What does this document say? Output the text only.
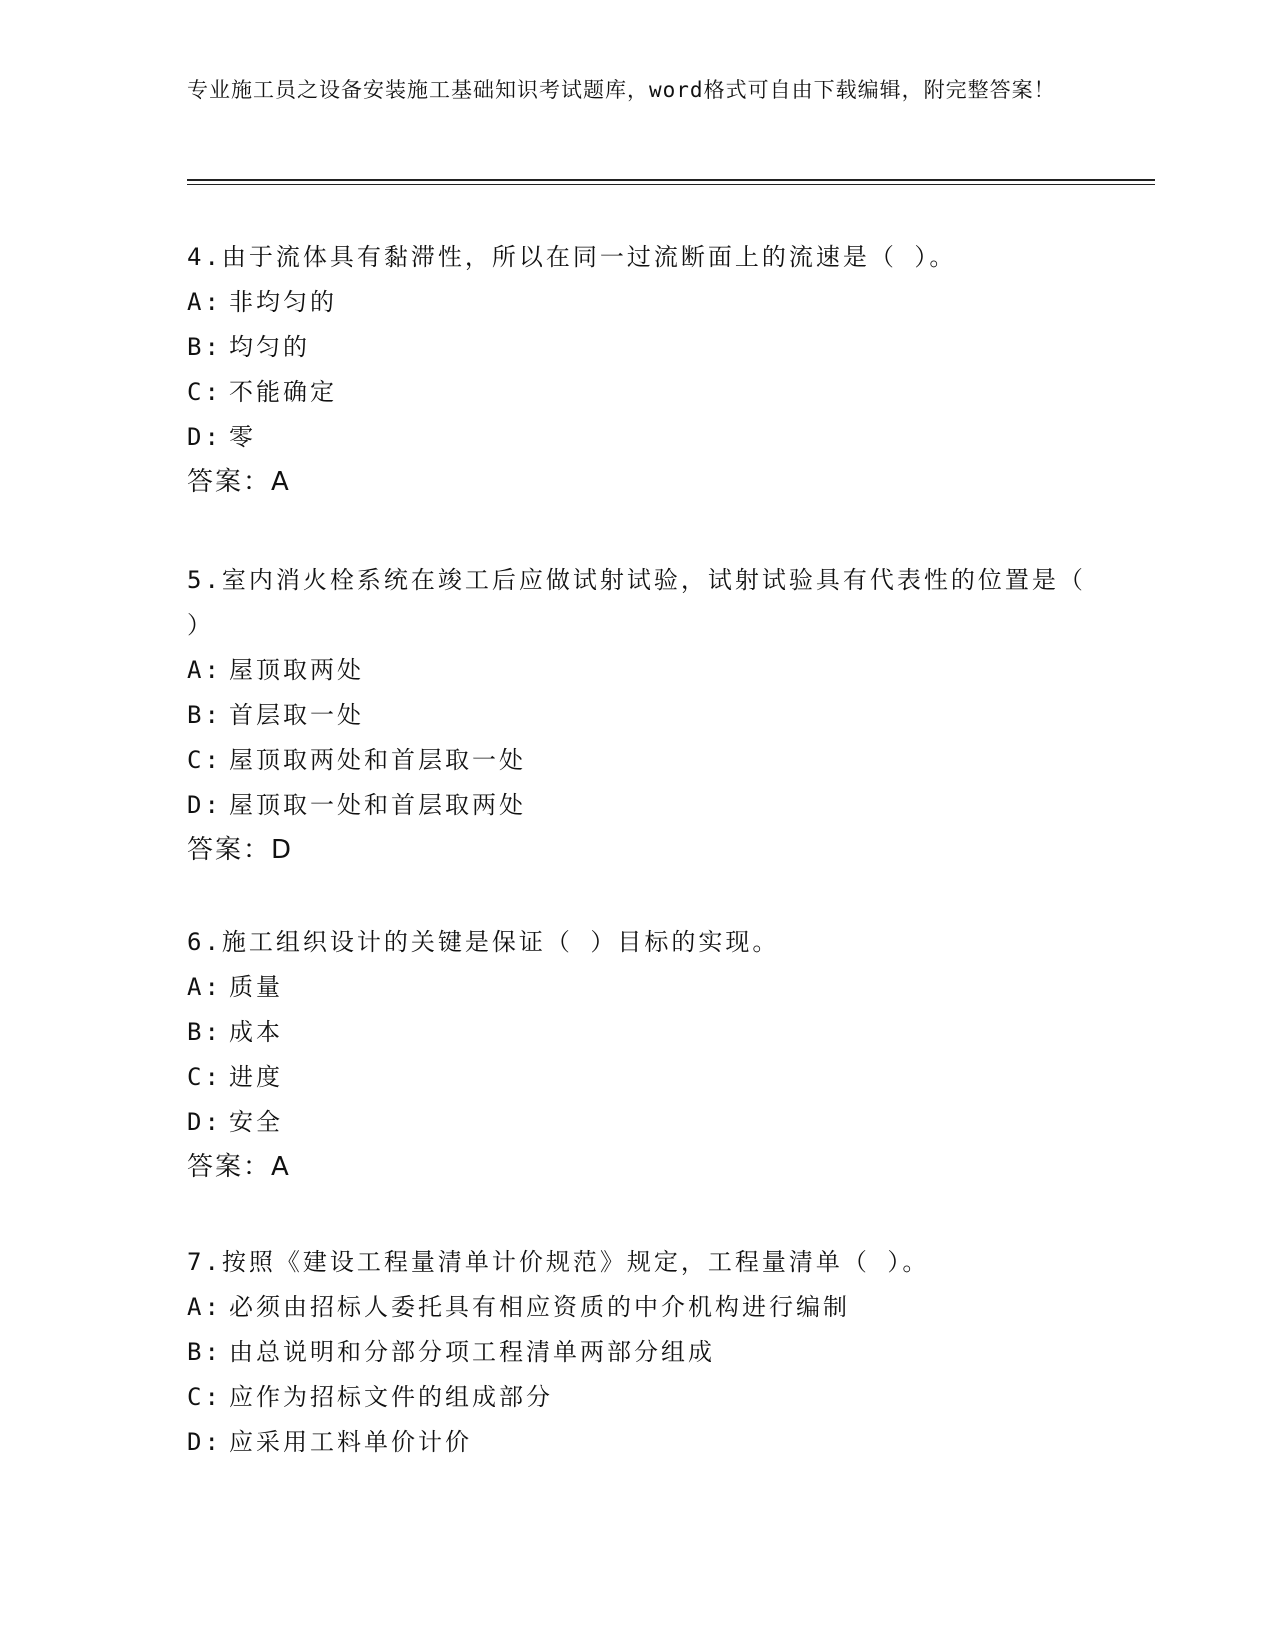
专业施工员之设备安装施工基础知识考试题库，word格式可自由下载编辑，附完整答案！

4.由于流体具有黏滞性，所以在同一过流断面上的流速是（ ）。

A: 非均匀的
B: 均匀的
C: 不能确定
D: 零
答案：A

5.室内消火栓系统在竣工后应做试射试验，试射试验具有代表性的位置是（ ）

A: 屋顶取两处
B: 首层取一处
C: 屋顶取两处和首层取一处
D: 屋顶取一处和首层取两处
答案：D

6.施工组织设计的关键是保证（ ）目标的实现。

A: 质量
B: 成本
C: 进度
D: 安全
答案：A

7.按照《建设工程量清单计价规范》规定，工程量清单（ ）。

A: 必须由招标人委托具有相应资质的中介机构进行编制
B: 由总说明和分部分项工程清单两部分组成
C: 应作为招标文件的组成部分
D: 应采用工料单价计价
